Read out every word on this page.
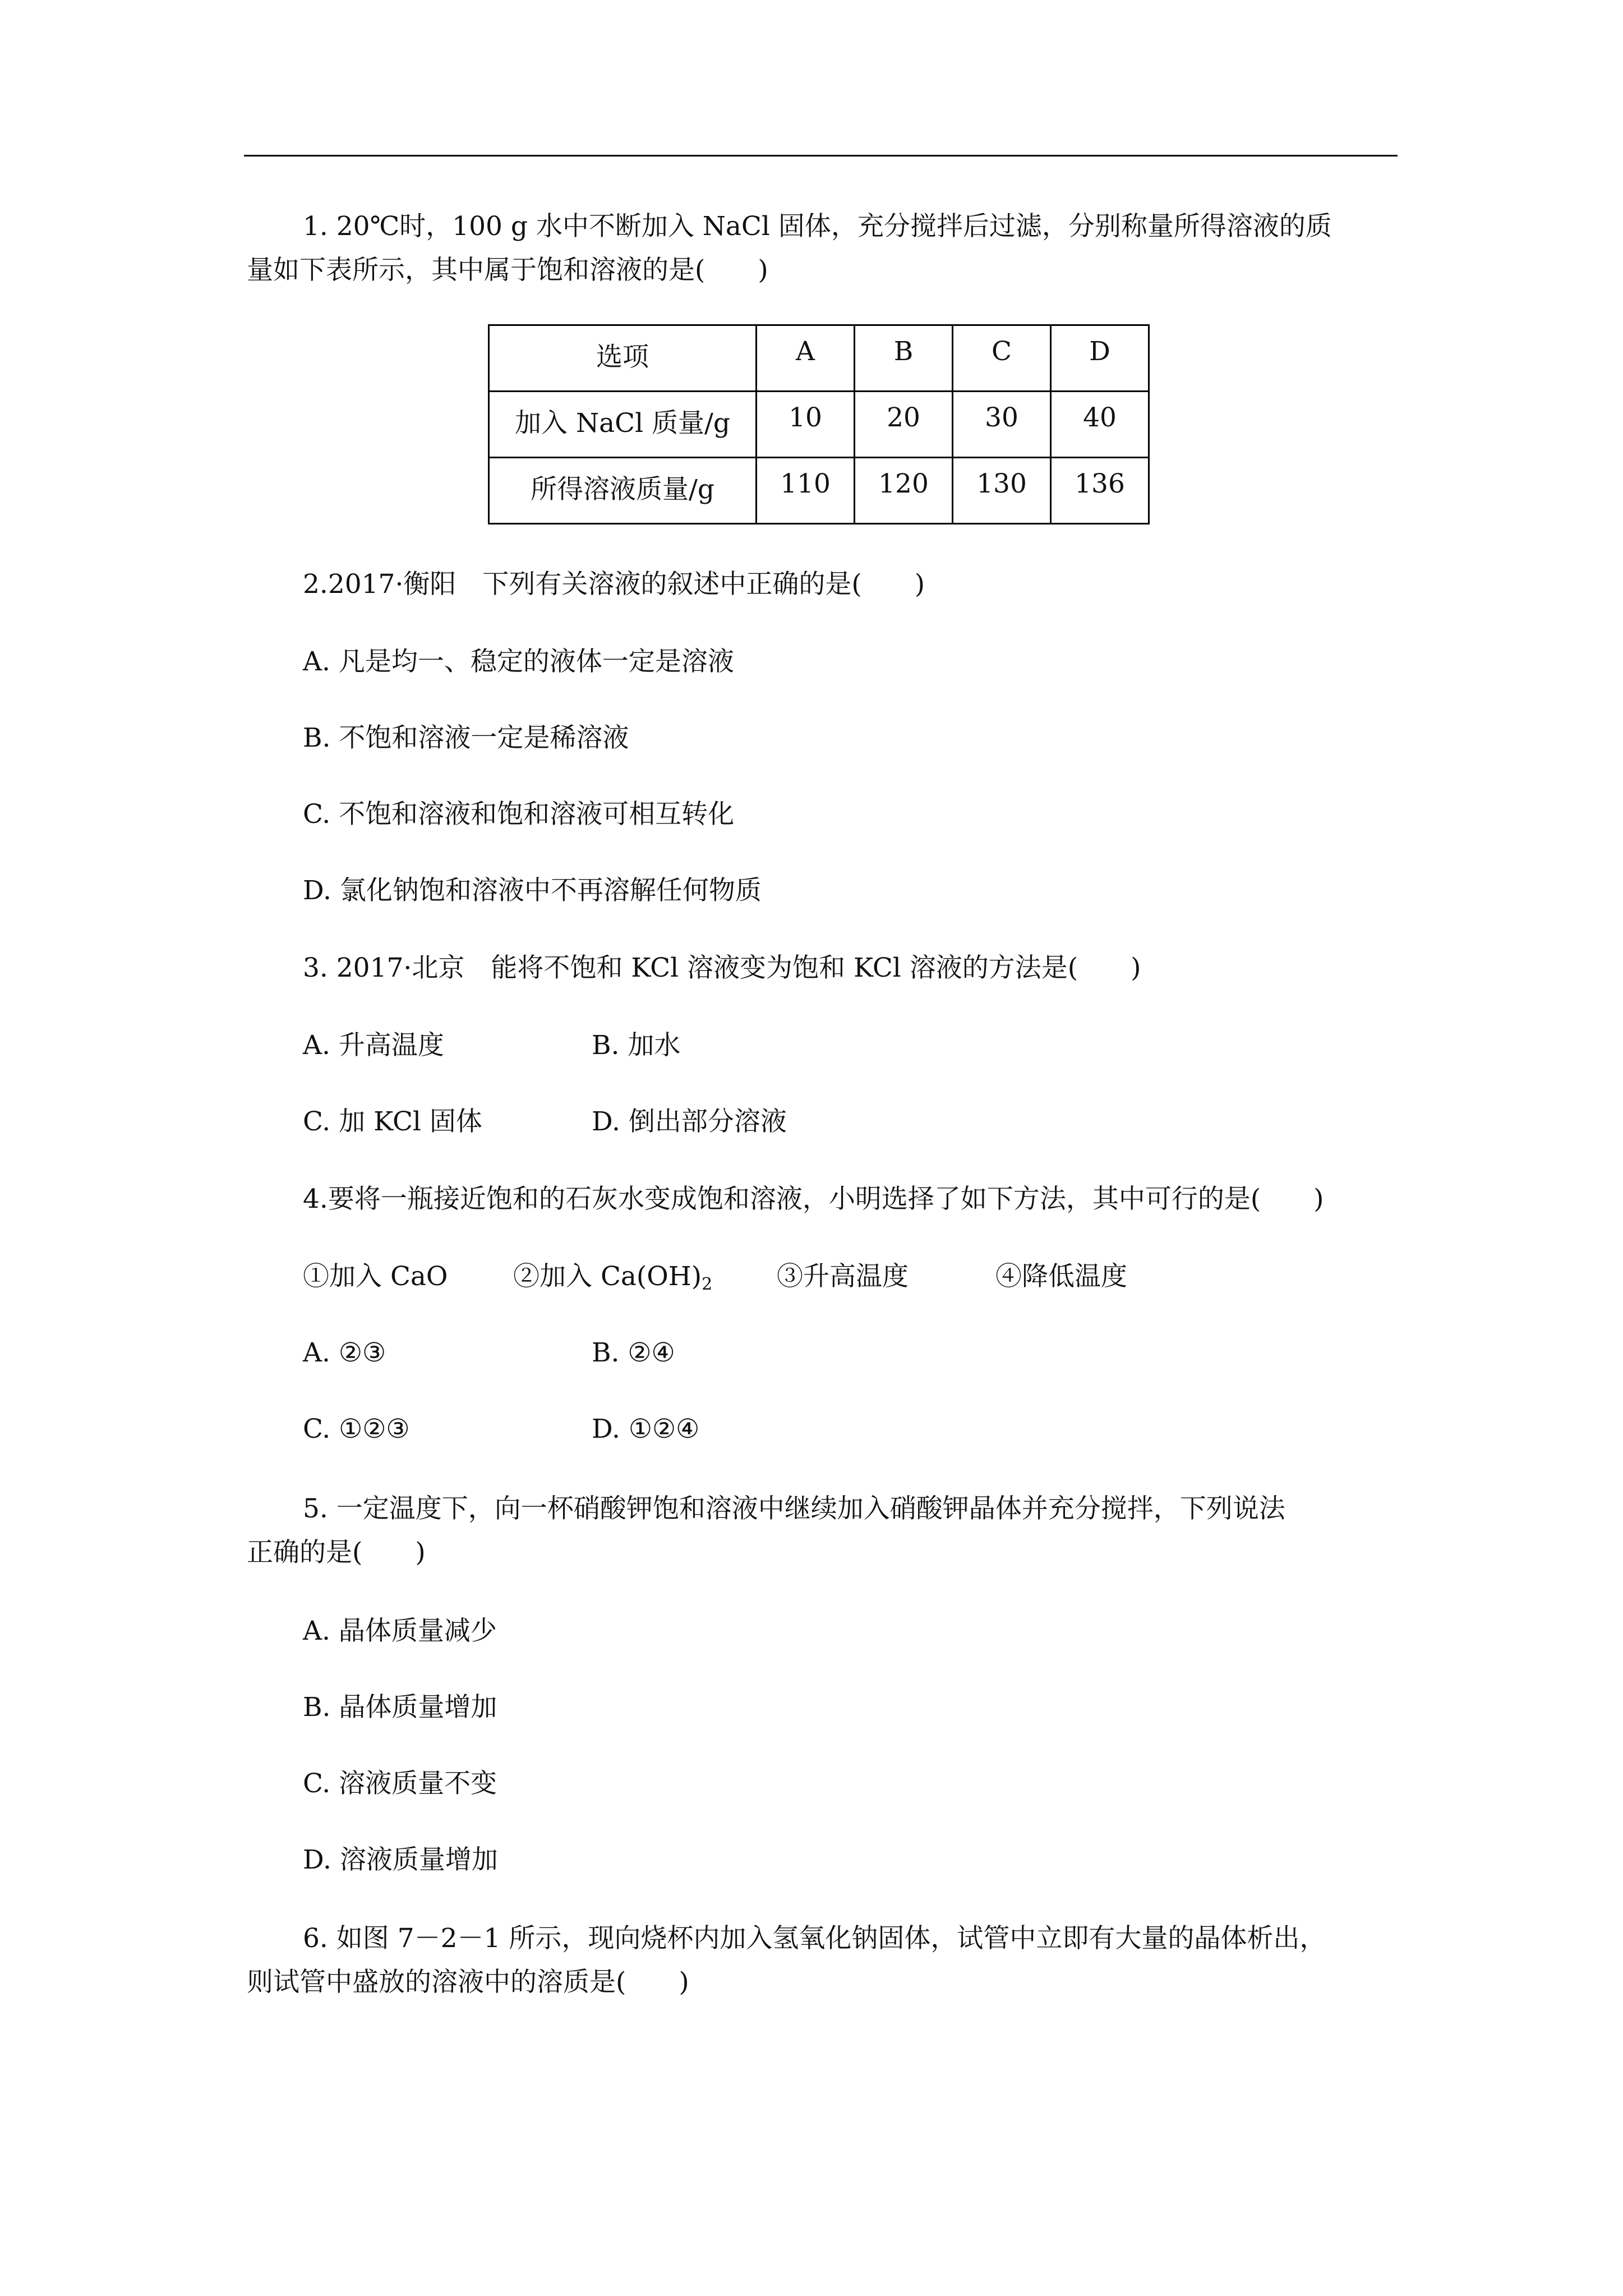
1. 20℃时，100 g 水中不断加入 NaCl 固体，充分搅拌后过滤，分别称量所得溶液的质
量如下表所示，其中属于饱和溶液的是(　　)
选项	A	B	C	D
加入 NaCl 质量/g	10	20	30	40
所得溶液质量/g	110	120	130	136
2.2017·衡阳　下列有关溶液的叙述中正确的是(　　)
A. 凡是均一、稳定的液体一定是溶液
B. 不饱和溶液一定是稀溶液
C. 不饱和溶液和饱和溶液可相互转化
D. 氯化钠饱和溶液中不再溶解任何物质
3. 2017·北京　能将不饱和 KCl 溶液变为饱和 KCl 溶液的方法是(　　)
A. 升高温度	B. 加水
C. 加 KCl 固体	D. 倒出部分溶液
4.要将一瓶接近饱和的石灰水变成饱和溶液，小明选择了如下方法，其中可行的是(　　)
①加入 CaO ②加入 $Ca(OH)_2$ ③升高温度	④降低温度
A. ②③	B. ②④
C. ①②③	D. ①②④
5. 一定温度下，向一杯硝酸钾饱和溶液中继续加入硝酸钾晶体并充分搅拌，下列说法
正确的是(　　)
A. 晶体质量减少
B. 晶体质量增加
C. 溶液质量不变
D. 溶液质量增加
6. 如图 7－2－1 所示，现向烧杯内加入氢氧化钠固体，试管中立即有大量的晶体析出，
则试管中盛放的溶液中的溶质是(　　)
